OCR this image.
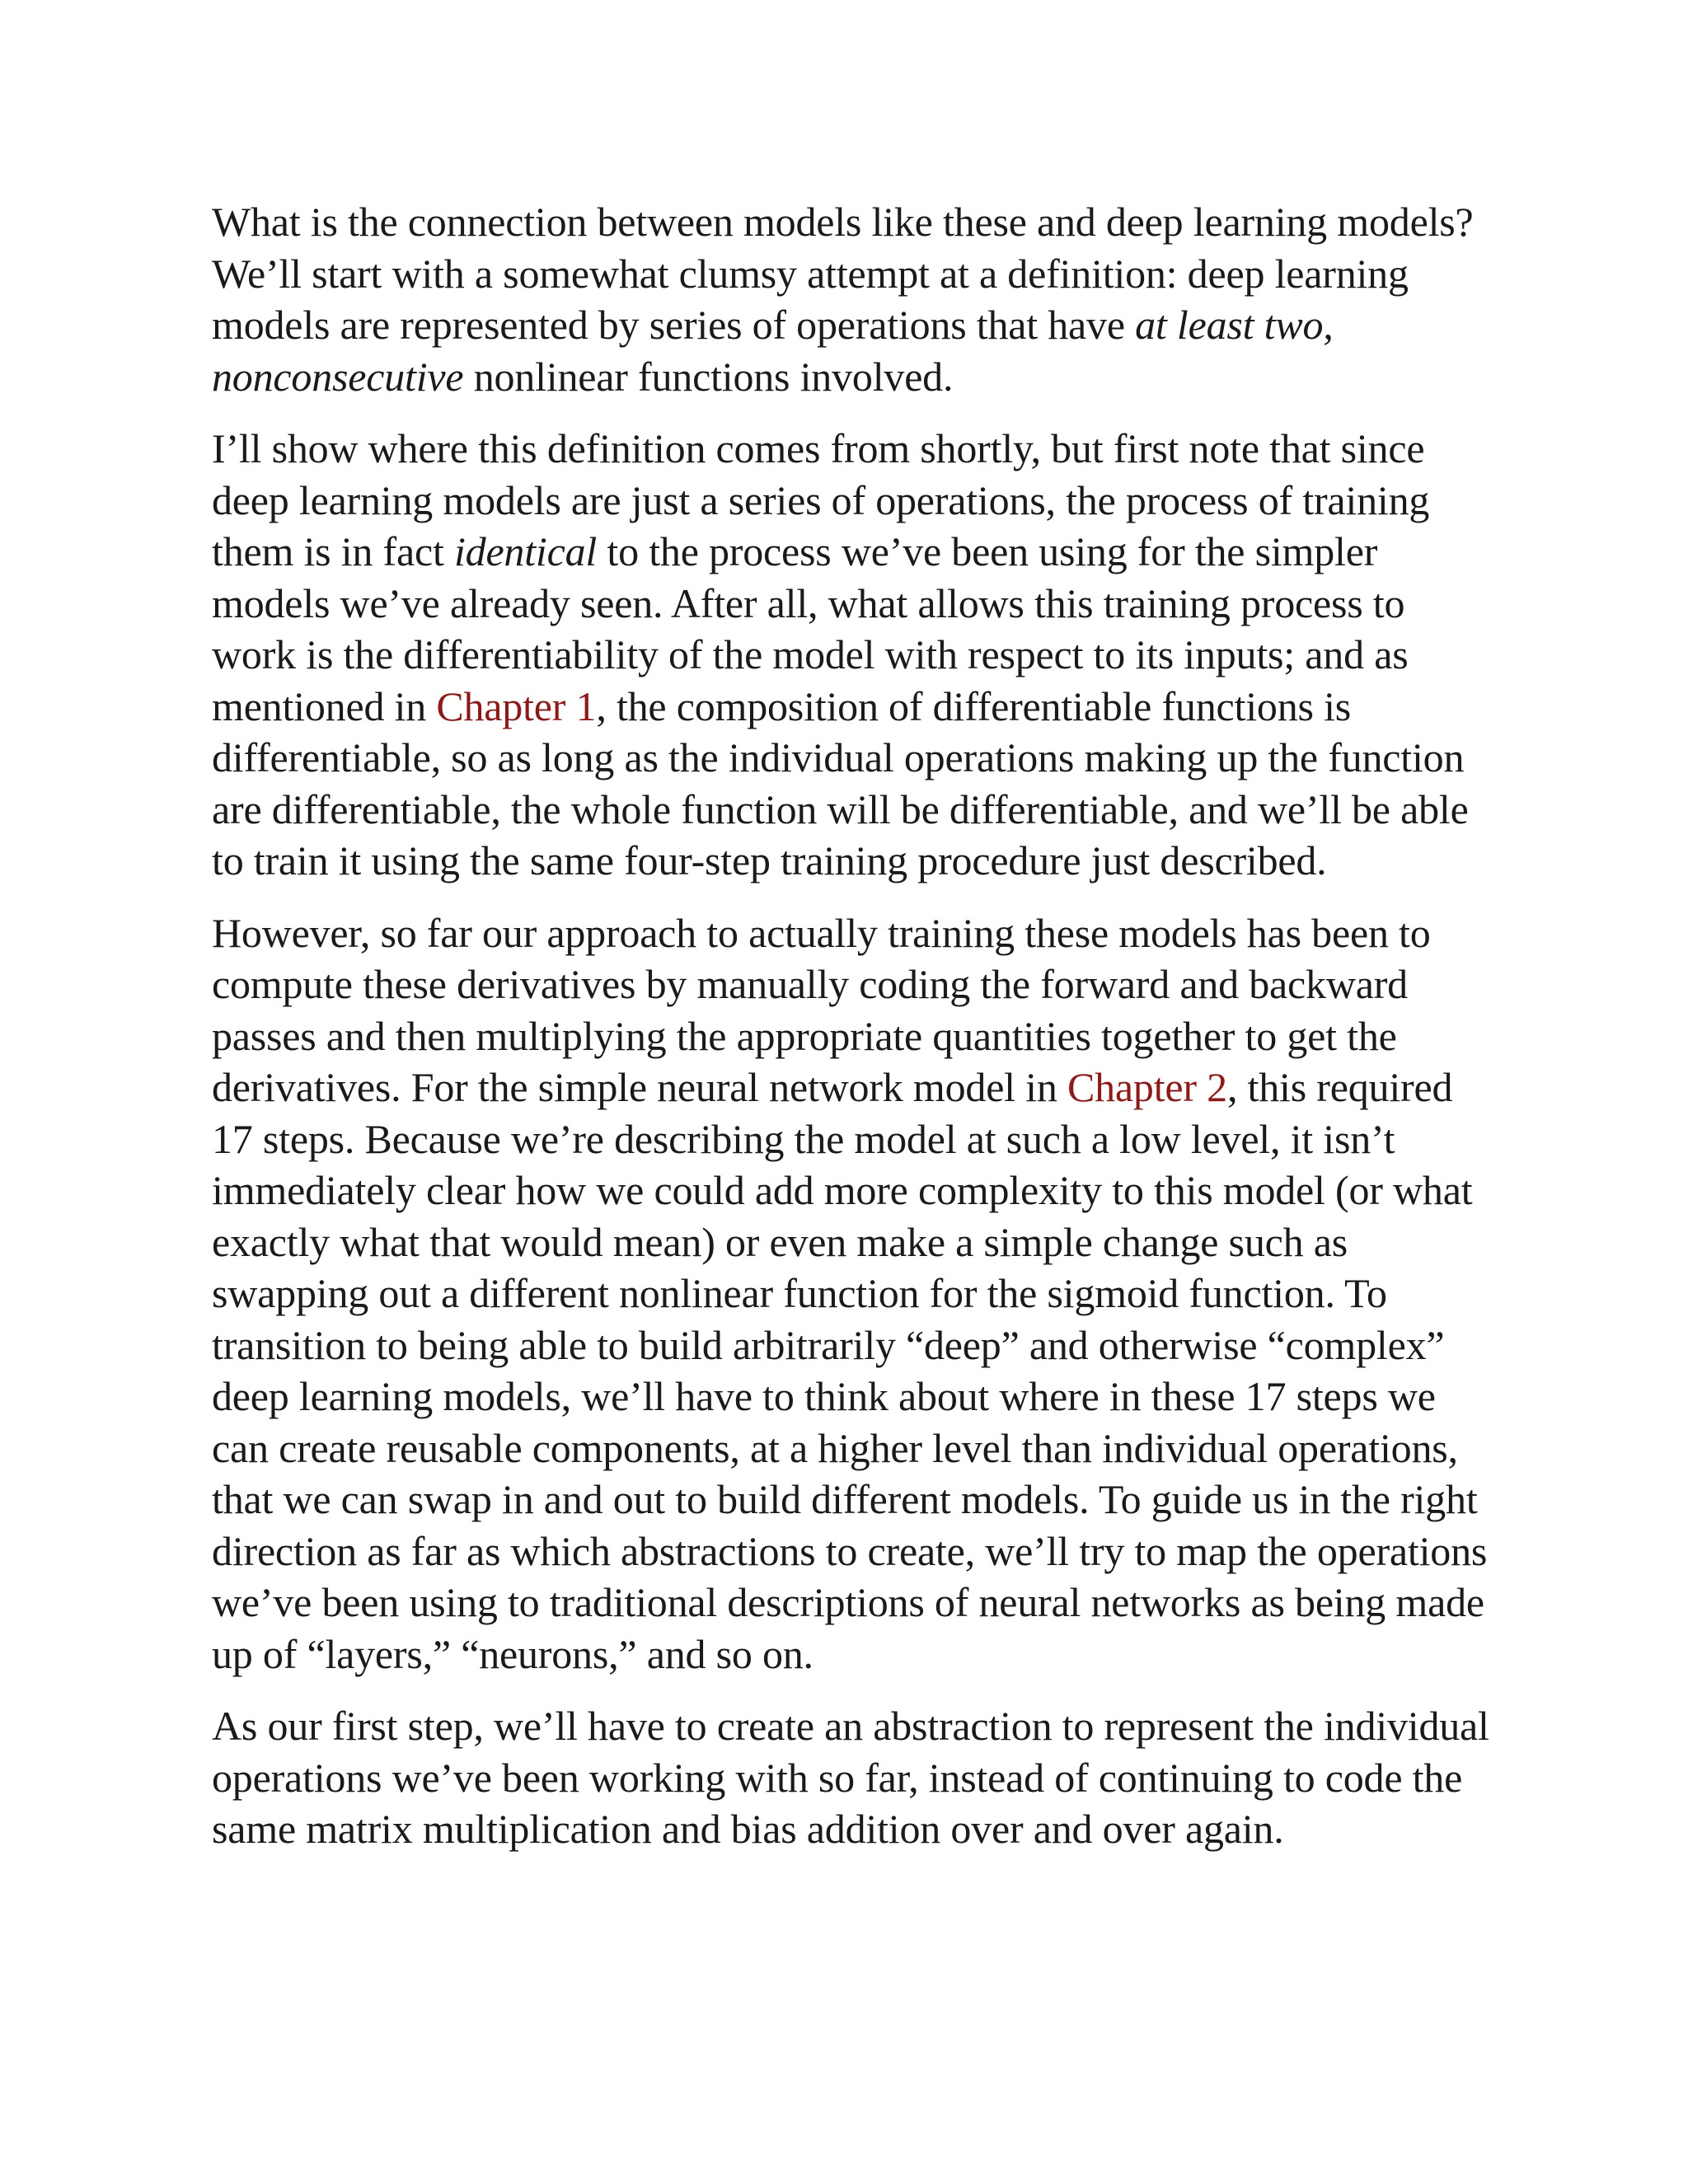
What is the connection between models like these and deep learning models? We’ll start with a somewhat clumsy attempt at a definition: deep learning models are represented by series of operations that have at least two, nonconsecutive nonlinear functions involved.

I’ll show where this definition comes from shortly, but first note that since deep learning models are just a series of operations, the process of training them is in fact identical to the process we’ve been using for the simpler models we’ve already seen. After all, what allows this training process to work is the differentiability of the model with respect to its inputs; and as mentioned in Chapter 1, the composition of differentiable functions is differentiable, so as long as the individual operations making up the function are differentiable, the whole function will be differentiable, and we’ll be able to train it using the same four-step training procedure just described.

However, so far our approach to actually training these models has been to compute these derivatives by manually coding the forward and backward passes and then multiplying the appropriate quantities together to get the derivatives. For the simple neural network model in Chapter 2, this required 17 steps. Because we’re describing the model at such a low level, it isn’t immediately clear how we could add more complexity to this model (or what exactly what that would mean) or even make a simple change such as swapping out a different nonlinear function for the sigmoid function. To transition to being able to build arbitrarily “deep” and otherwise “complex” deep learning models, we’ll have to think about where in these 17 steps we can create reusable components, at a higher level than individual operations, that we can swap in and out to build different models. To guide us in the right direction as far as which abstractions to create, we’ll try to map the operations we’ve been using to traditional descriptions of neural networks as being made up of “layers,” “neurons,” and so on.

As our first step, we’ll have to create an abstraction to represent the individual operations we’ve been working with so far, instead of continuing to code the same matrix multiplication and bias addition over and over again.
